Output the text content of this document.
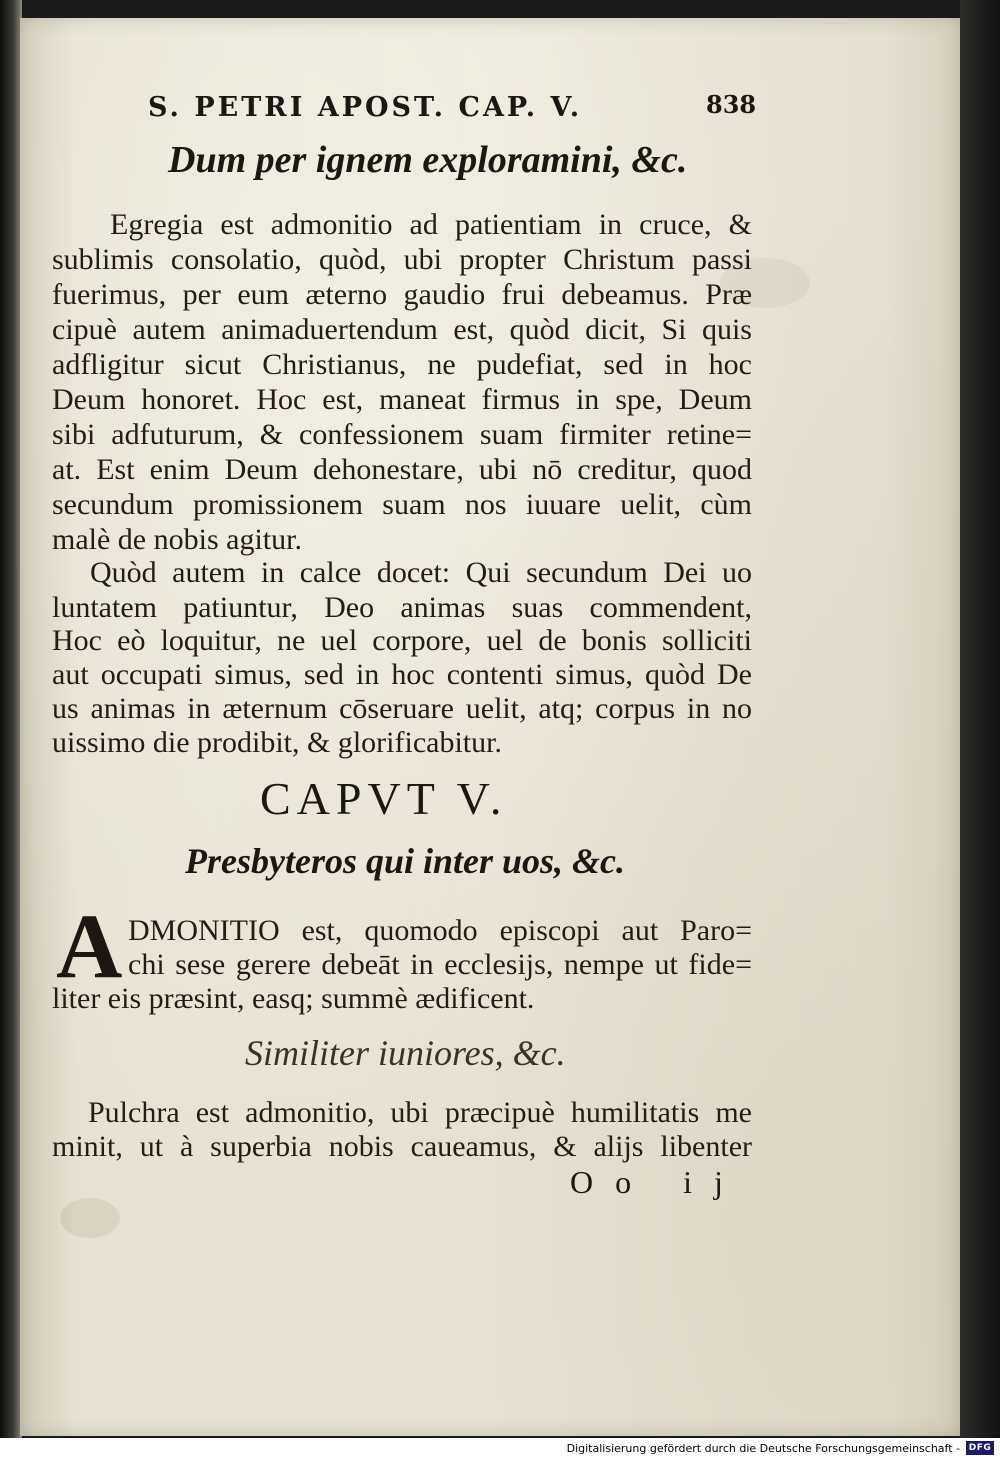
S. PETRI APOST. CAP. V.	838
Dum per ignem exploramini, &c.
Egregia est admonitio ad patientiam in cruce, &
sublimis consolatio, quòd, ubi propter Christum passi
fuerimus, per eum æterno gaudio frui debeamus. Præ
cipuè autem animaduertendum est, quòd dicit, Si quis
adfligitur sicut Christianus, ne pudefiat, sed in hoc
Deum honoret. Hoc est, maneat firmus in spe, Deum
sibi adfuturum, & confessionem suam firmiter retine=
at. Est enim Deum dehonestare, ubi nō creditur, quod
secundum promissionem suam nos iuuare uelit, cùm
malè de nobis agitur.
Quòd autem in calce docet: Qui secundum Dei uo
luntatem patiuntur, Deo animas suas commendent,
Hoc eò loquitur, ne uel corpore, uel de bonis solliciti
aut occupati simus, sed in hoc contenti simus, quòd De
us animas in æternum cōseruare uelit, atq; corpus in no
uissimo die prodibit, & glorificabitur.
CAPVT V.
Presbyteros qui inter uos, &c.
A DMONITIO est, quomodo episcopi aut Paro=
chi sese gerere debeāt in ecclesijs, nempe ut fide=
liter eis præsint, easq; summè ædificent.
Similiter iuniores, &c.
Pulchra est admonitio, ubi præcipuè humilitatis me
minit, ut à superbia nobis caueamus, & alijs libenter
Oo ij
Digitalisierung gefördert durch die Deutsche Forschungsgemeinschaft - DFG
